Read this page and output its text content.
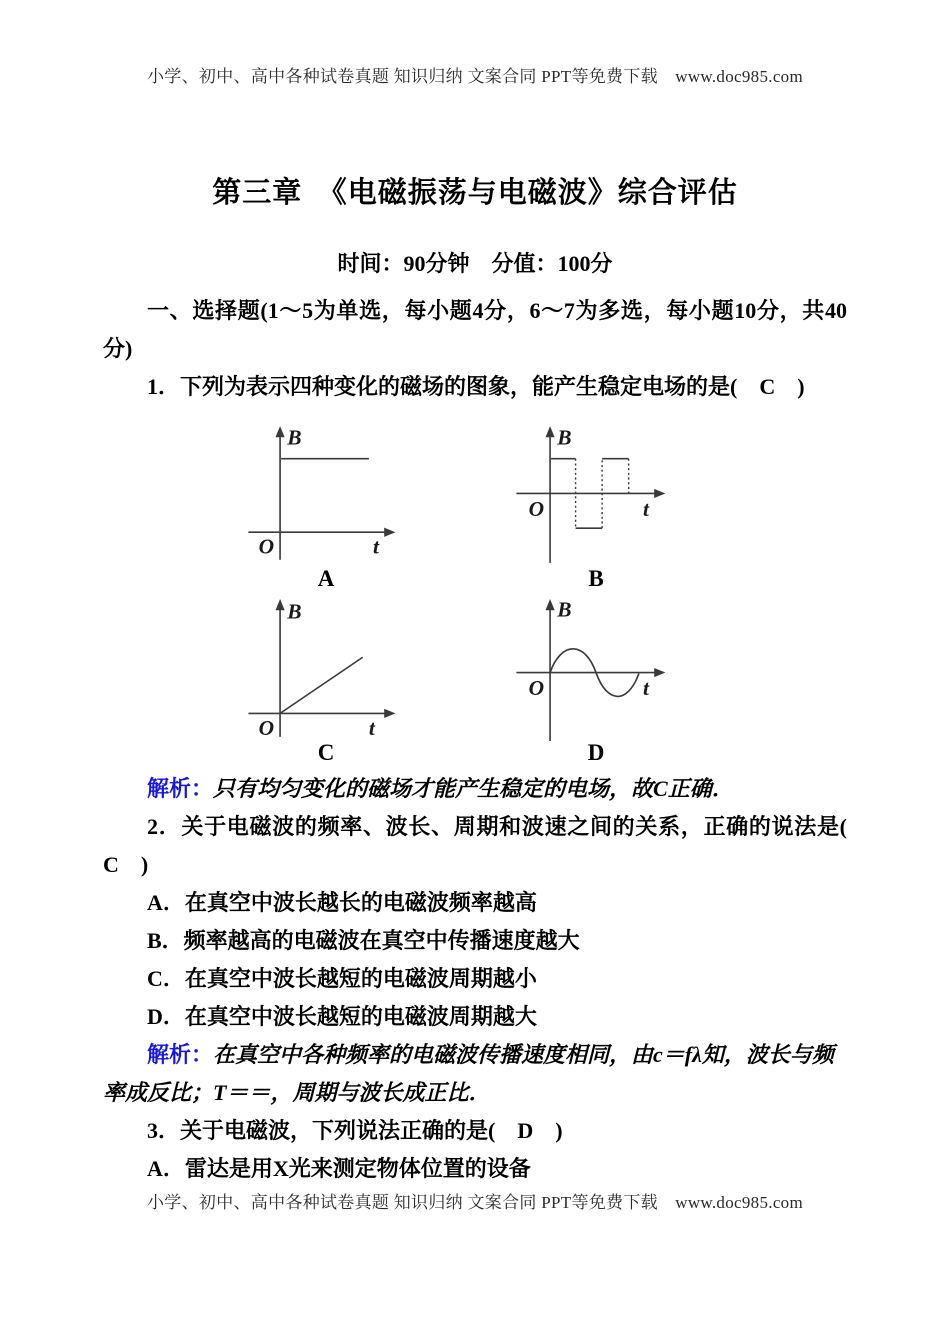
小学、初中、高中各种试卷真题 知识归纳 文案合同 PPT等免费下载　www.doc985.com
第三章　《电磁振荡与电磁波》综合评估
时间：90分钟　分值：100分

一、选择题(1～5为单选，每小题4分，6～7为多选，每小题10分，共40分)

1．下列为表示四种变化的磁场的图象，能产生稳定电场的是(　C　)

B
O	t
A
B
O	t
B
B
O	t
C
B
O	t
D

解析：只有均匀变化的磁场才能产生稳定的电场，故C正确．

2．关于电磁波的频率、波长、周期和波速之间的关系，正确的说法是(　C　)

A．在真空中波长越长的电磁波频率越高

B．频率越高的电磁波在真空中传播速度越大

C．在真空中波长越短的电磁波周期越小

D．在真空中波长越短的电磁波周期越大

解析：在真空中各种频率的电磁波传播速度相同，由c＝fλ知，波长与频率成反比；T＝＝，周期与波长成正比．

3．关于电磁波，下列说法正确的是(　D　)

A．雷达是用X光来测定物体位置的设备

小学、初中、高中各种试卷真题 知识归纳 文案合同 PPT等免费下载　www.doc985.com
